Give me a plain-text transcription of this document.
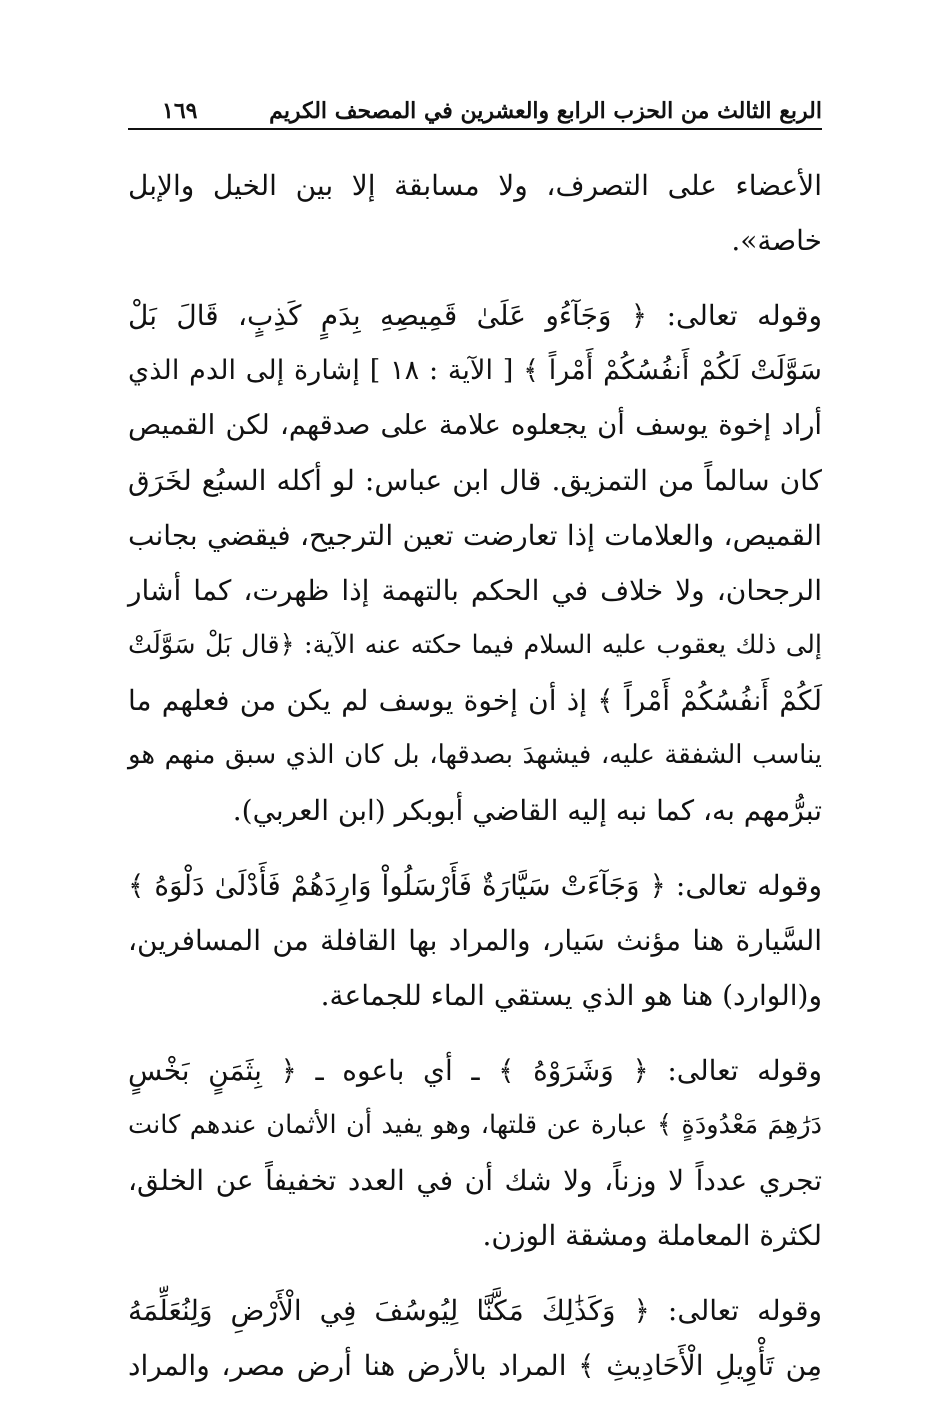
الربع الثالث من الحزب الرابع والعشرين في المصحف الكريم
١٦٩

الأعضاء على التصرف، ولا مسابقة إلا بين الخيل والإبل
خاصة».

وقوله تعالى: ﴿ وَجَآءُو عَلَىٰ قَمِيصِهِ بِدَمٍ كَذِبٍ، قَالَ بَلْ
سَوَّلَتْ لَكُمْ أَنفُسُكُمْ أَمْراً ﴾ [ الآية : ١٨ ] إشارة إلى الدم الذي
أراد إخوة يوسف أن يجعلوه علامة على صدقهم، لكن القميص
كان سالماً من التمزيق. قال ابن عباس: لو أكله السبُع لخَرَق
القميص، والعلامات إذا تعارضت تعين الترجيح، فيقضي بجانب
الرجحان، ولا خلاف في الحكم بالتهمة إذا ظهرت، كما أشار
إلى ذلك يعقوب عليه السلام فيما حكته عنه الآية: ﴿قال بَلْ سَوَّلَتْ
لَكُمْ أَنفُسُكُمْ أَمْراً ﴾ إذ أن إخوة يوسف لم يكن من فعلهم ما
يناسب الشفقة عليه، فيشهدَ بصدقها، بل كان الذي سبق منهم هو
تبرُّمهم به، كما نبه إليه القاضي أبوبكر (ابن العربي).

وقوله تعالى: ﴿ وَجَآءَتْ سَيَّارَةٌ فَأَرْسَلُواْ وَارِدَهُمْ فَأَدْلَىٰ دَلْوَهُ ﴾
السَّيارة هنا مؤنث سَيار، والمراد بها القافلة من المسافرين،
و(الوارد) هنا هو الذي يستقي الماء للجماعة.

وقوله تعالى: ﴿ وَشَرَوْهُ ﴾ ـ أي باعوه ـ ﴿ بِثَمَنٍ بَخْسٍ
دَرَٰهِمَ مَعْدُودَةٍ ﴾ عبارة عن قلتها، وهو يفيد أن الأثمان عندهم كانت
تجري عدداً لا وزناً، ولا شك أن في العدد تخفيفاً عن الخلق،
لكثرة المعاملة ومشقة الوزن.

وقوله تعالى: ﴿ وَكَذَٰلِكَ مَكَّنَّا لِيُوسُفَ فِي الْأَرْضِ وَلِنُعَلِّمَهُ
مِن تَأْوِيلِ الْأَحَادِيثِ ﴾ المراد بالأرض هنا أرض مصر، والمراد
